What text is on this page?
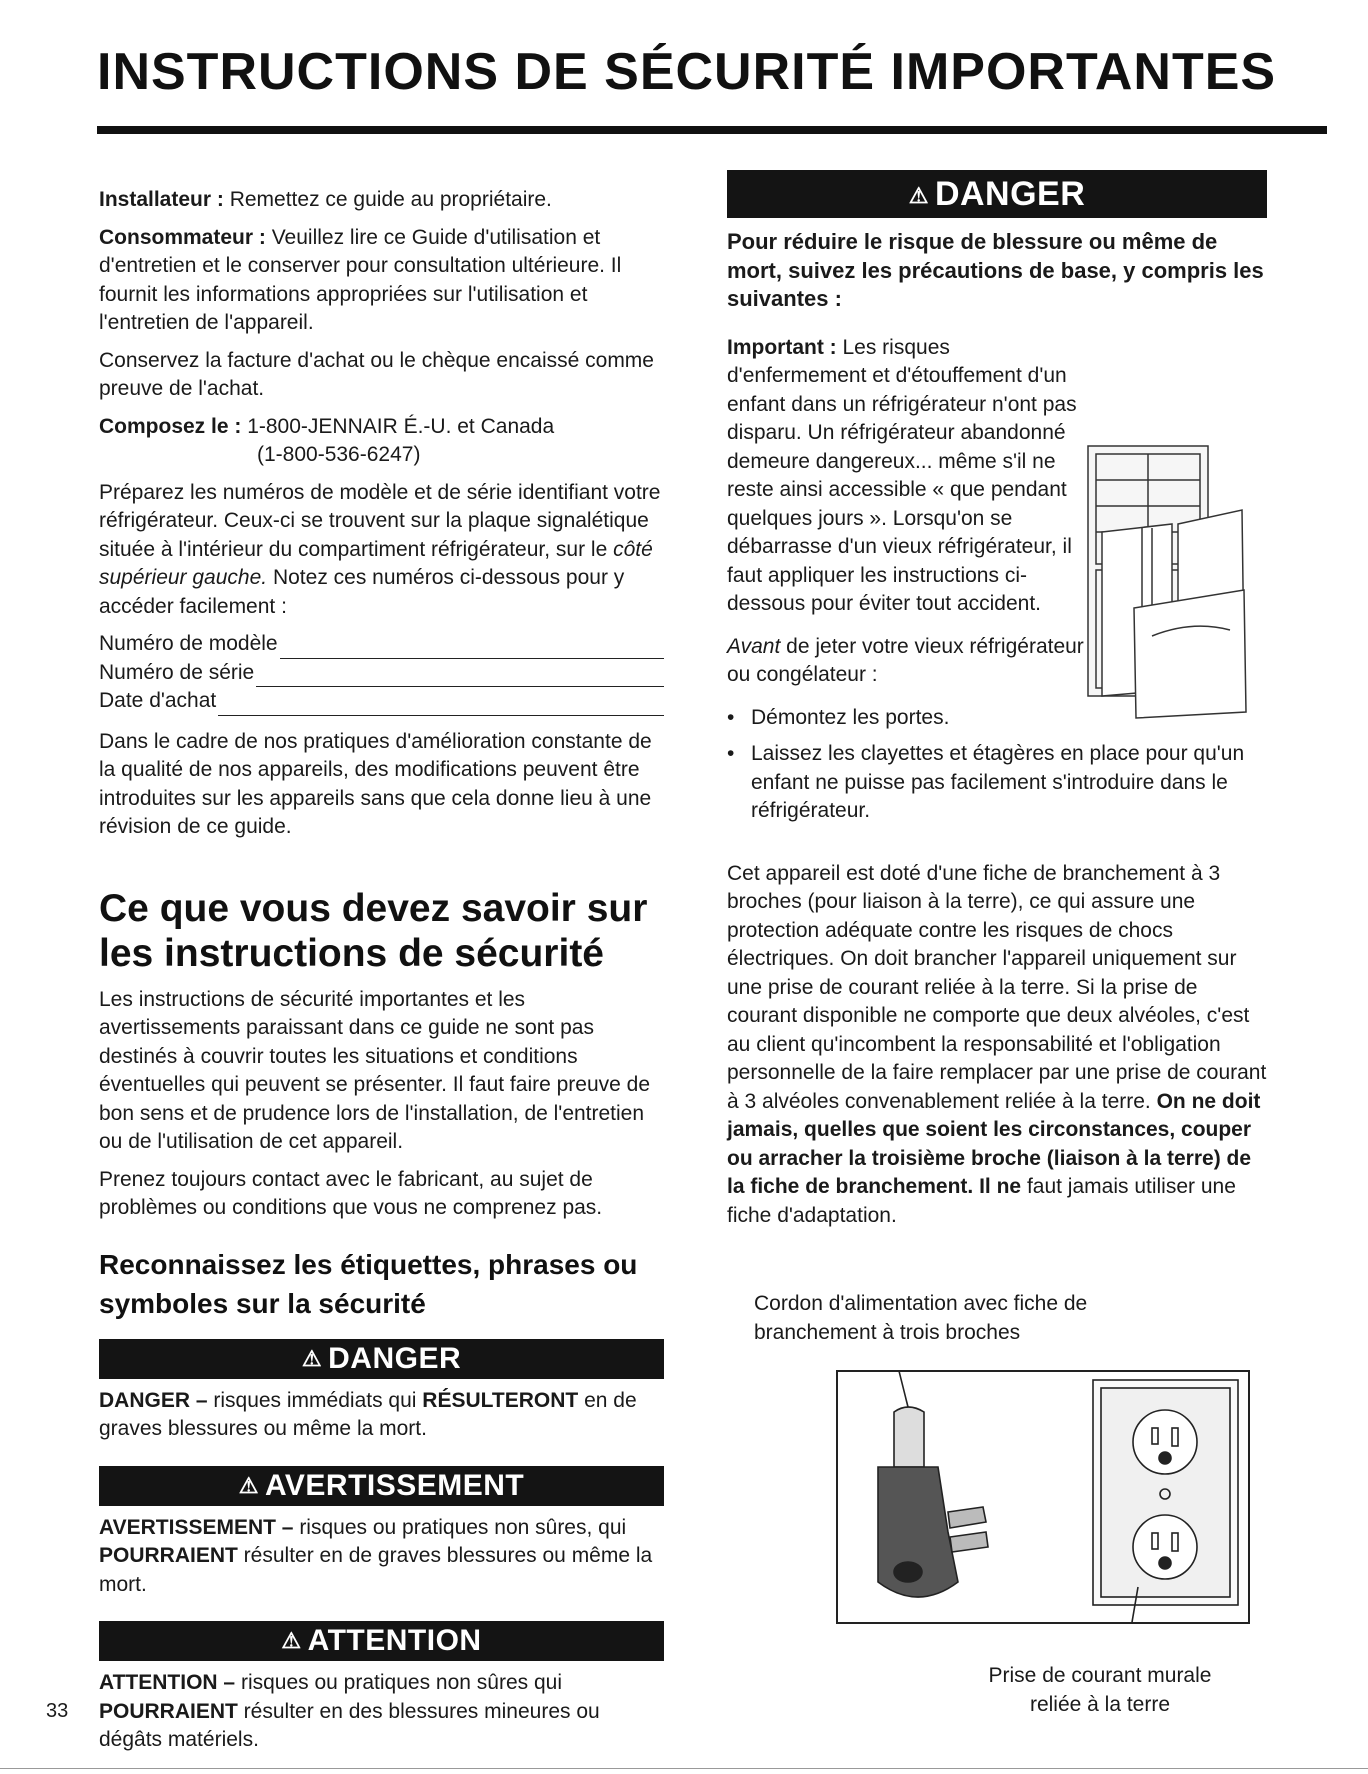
INSTRUCTIONS DE SÉCURITÉ IMPORTANTES

Installateur : Remettez ce guide au propriétaire.

Consommateur : Veuillez lire ce Guide d'utilisation et d'entretien et le conserver pour consultation ultérieure. Il fournit les informations appropriées sur l'utilisation et l'entretien de l'appareil.

Conservez la facture d'achat ou le chèque encaissé comme preuve de l'achat.

Composez le : 1-800-JENNAIR É.-U. et Canada

(1-800-536-6247)

Préparez les numéros de modèle et de série identifiant votre réfrigérateur. Ceux-ci se trouvent sur la plaque signalétique située à l'intérieur du compartiment réfrigérateur, sur le côté supérieur gauche. Notez ces numéros ci-dessous pour y accéder facilement :

Numéro de modèle
Numéro de série
Date d'achat

Dans le cadre de nos pratiques d'amélioration constante de la qualité de nos appareils, des modifications peuvent être introduites sur les appareils sans que cela donne lieu à une révision de ce guide.

Ce que vous devez savoir sur les instructions de sécurité

Les instructions de sécurité importantes et les avertissements paraissant dans ce guide ne sont pas destinés à couvrir toutes les situations et conditions éventuelles qui peuvent se présenter. Il faut faire preuve de bon sens et de prudence lors de l'installation, de l'entretien ou de l'utilisation de cet appareil.

Prenez toujours contact avec le fabricant, au sujet de problèmes ou conditions que vous ne comprenez pas.

Reconnaissez les étiquettes, phrases ou symboles sur la sécurité
⚠ DANGER

DANGER – risques immédiats qui RÉSULTERONT en de graves blessures ou même la mort.

⚠ AVERTISSEMENT

AVERTISSEMENT – risques ou pratiques non sûres, qui POURRAIENT résulter en de graves blessures ou même la mort.

⚠ ATTENTION

ATTENTION – risques ou pratiques non sûres qui POURRAIENT résulter en des blessures mineures ou dégâts matériels.

⚠ DANGER

Pour réduire le risque de blessure ou même de mort, suivez les précautions de base, y compris les suivantes :

Important : Les risques d'enfermement et d'étouffement d'un enfant dans un réfrigérateur n'ont pas disparu. Un réfrigérateur abandonné demeure dangereux... même s'il ne reste ainsi accessible « que pendant quelques jours ». Lorsqu'on se débarrasse d'un vieux réfrigérateur, il faut appliquer les instructions ci-dessous pour éviter tout accident.

Avant de jeter votre vieux réfrigérateur ou congélateur :

• Démontez les portes.
• Laissez les clayettes et étagères en place pour qu'un enfant ne puisse pas facilement s'introduire dans le réfrigérateur.

Cet appareil est doté d'une fiche de branchement à 3 broches (pour liaison à la terre), ce qui assure une protection adéquate contre les risques de chocs électriques. On doit brancher l'appareil uniquement sur une prise de courant reliée à la terre. Si la prise de courant disponible ne comporte que deux alvéoles, c'est au client qu'incombent la responsabilité et l'obligation personnelle de la faire remplacer par une prise de courant à 3 alvéoles convenablement reliée à la terre. On ne doit jamais, quelles que soient les circonstances, couper ou arracher la troisième broche (liaison à la terre) de la fiche de branchement. Il ne faut jamais utiliser une fiche d'adaptation.

Cordon d'alimentation avec fiche de branchement à trois broches
Prise de courant murale reliée à la terre
33
